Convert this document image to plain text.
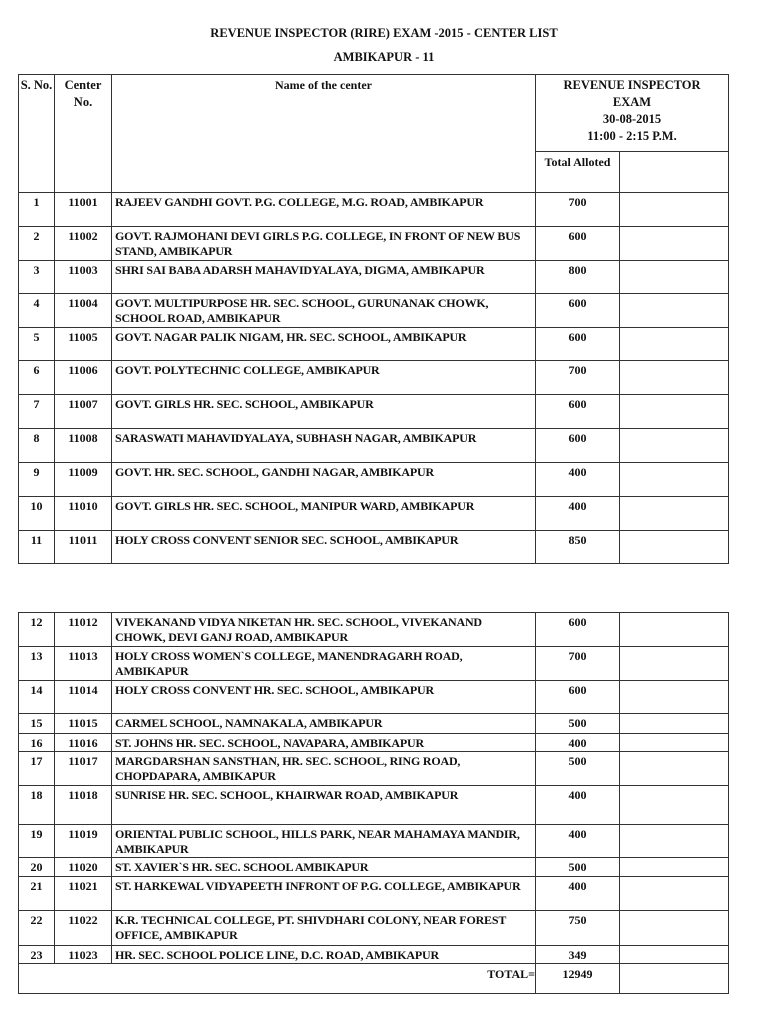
REVENUE INSPECTOR (RIRE) EXAM -2015 - CENTER LIST
AMBIKAPUR - 11
S. No.	Center No.	Name of the center	REVENUE INSPECTOR
EXAM
30-08-2015
11:00 - 2:15 P.M.	

			Total Alloted	
1	11001	RAJEEV GANDHI GOVT. P.G. COLLEGE, M.G. ROAD, AMBIKAPUR	700	
2	11002	GOVT. RAJMOHANI DEVI GIRLS P.G. COLLEGE, IN FRONT OF NEW BUS STAND, AMBIKAPUR	600	
3	11003	SHRI SAI BABA ADARSH MAHAVIDYALAYA, DIGMA, AMBIKAPUR	800	
4	11004	GOVT. MULTIPURPOSE HR. SEC. SCHOOL, GURUNANAK CHOWK, SCHOOL ROAD, AMBIKAPUR	600	
5	11005	GOVT. NAGAR PALIK NIGAM, HR. SEC. SCHOOL, AMBIKAPUR	600	
6	11006	GOVT. POLYTECHNIC COLLEGE, AMBIKAPUR	700	
7	11007	GOVT. GIRLS HR. SEC. SCHOOL, AMBIKAPUR	600	
8	11008	SARASWATI MAHAVIDYALAYA, SUBHASH NAGAR, AMBIKAPUR	600	
9	11009	GOVT. HR. SEC. SCHOOL, GANDHI NAGAR, AMBIKAPUR	400	
10	11010	GOVT. GIRLS HR. SEC. SCHOOL, MANIPUR WARD, AMBIKAPUR	400	
11	11011	HOLY CROSS CONVENT SENIOR SEC. SCHOOL, AMBIKAPUR	850	
12	11012	VIVEKANAND VIDYA NIKETAN HR. SEC. SCHOOL, VIVEKANAND CHOWK, DEVI GANJ ROAD, AMBIKAPUR	600	
13	11013	HOLY CROSS WOMEN`S COLLEGE, MANENDRAGARH ROAD, AMBIKAPUR	700	
14	11014	HOLY CROSS CONVENT HR. SEC. SCHOOL, AMBIKAPUR	600	
15	11015	CARMEL SCHOOL, NAMNAKALA, AMBIKAPUR	500	
16	11016	ST. JOHNS HR. SEC. SCHOOL, NAVAPARA, AMBIKAPUR	400	
17	11017	MARGDARSHAN SANSTHAN, HR. SEC. SCHOOL, RING ROAD, CHOPDAPARA, AMBIKAPUR	500	
18	11018	SUNRISE HR. SEC. SCHOOL, KHAIRWAR ROAD, AMBIKAPUR	400	
19	11019	ORIENTAL PUBLIC SCHOOL, HILLS PARK, NEAR MAHAMAYA MANDIR, AMBIKAPUR	400	
20	11020	ST. XAVIER`S HR. SEC. SCHOOL AMBIKAPUR	500	
21	11021	ST. HARKEWAL VIDYAPEETH INFRONT OF P.G. COLLEGE, AMBIKAPUR	400	
22	11022	K.R. TECHNICAL COLLEGE, PT. SHIVDHARI COLONY, NEAR FOREST OFFICE, AMBIKAPUR	750	
23	11023	HR. SEC. SCHOOL POLICE LINE, D.C. ROAD, AMBIKAPUR	349	
TOTAL=			12949	
